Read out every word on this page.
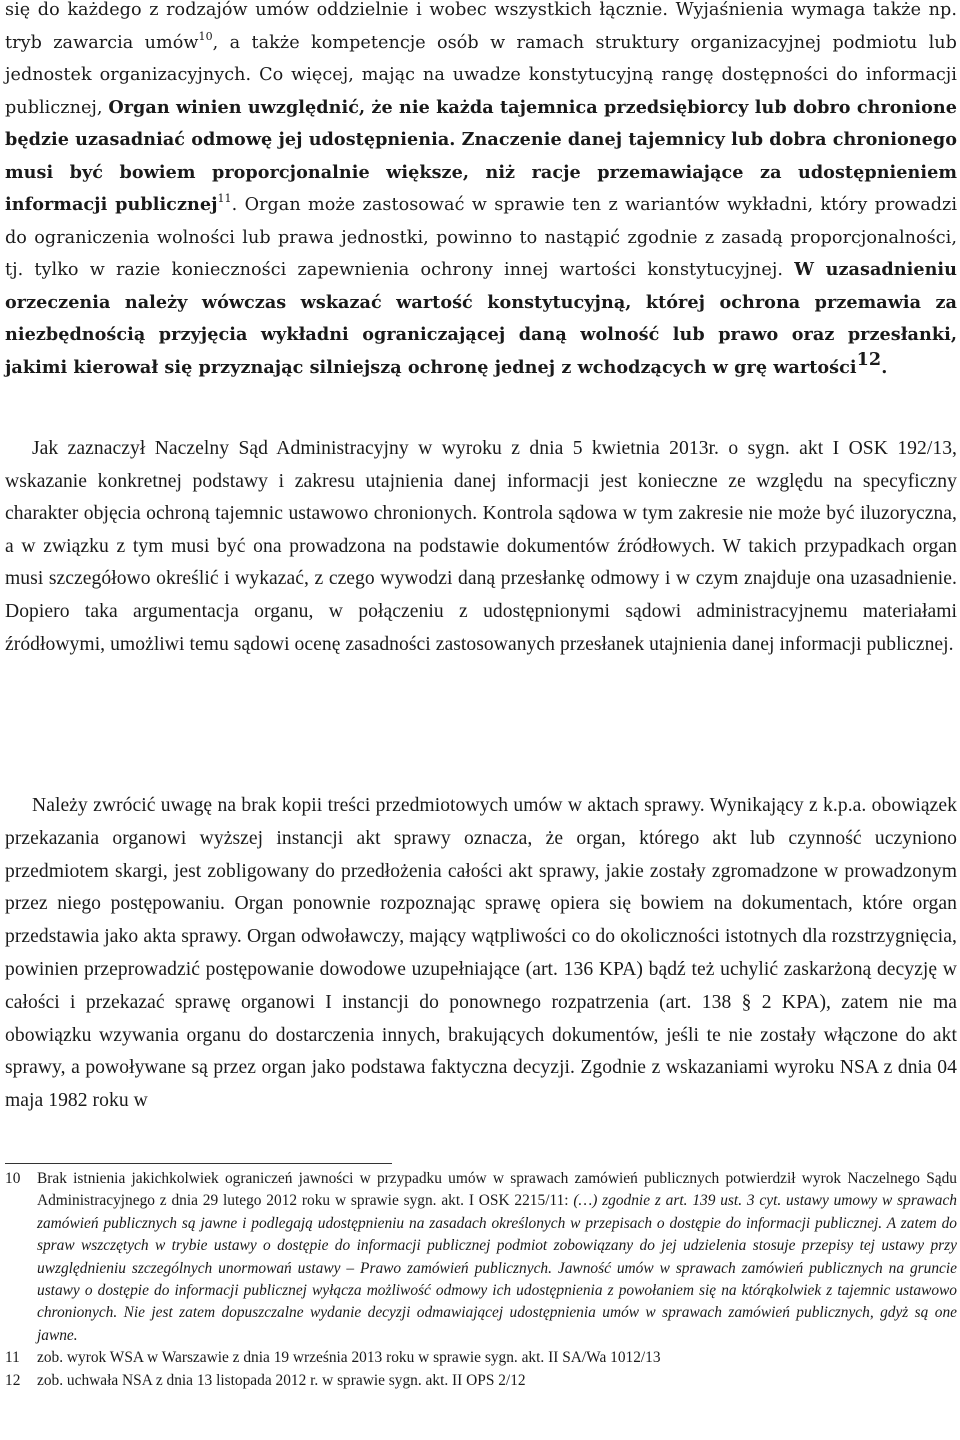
się do każdego z rodzajów umów oddzielnie i wobec wszystkich łącznie. Wyjaśnienia wymaga także np. tryb zawarcia umów$^{10}$, a także kompetencje osób w ramach struktury organizacyjnej podmiotu lub jednostek organizacyjnych. Co więcej, mając na uwadze konstytucyjną rangę dostępności do informacji publicznej, Organ winien uwzględnić, że nie każda tajemnica przedsiębiorcy lub dobro chronione będzie uzasadniać odmowę jej udostępnienia. Znaczenie danej tajemnicy lub dobra chronionego musi być bowiem proporcjonalnie większe, niż racje przemawiające za udostępnieniem informacji publicznej$^{11}$. Organ może zastosować w sprawie ten z wariantów wykładni, który prowadzi do ograniczenia wolności lub prawa jednostki, powinno to nastąpić zgodnie z zasadą proporcjonalności, tj. tylko w razie konieczności zapewnienia ochrony innej wartości konstytucyjnej. W uzasadnieniu orzeczenia należy wówczas wskazać wartość konstytucyjną, której ochrona przemawia za niezbędnością przyjęcia wykładni ograniczającej daną wolność lub prawo oraz przesłanki, jakimi kierował się przyznając silniejszą ochronę jednej z wchodzących w grę wartości$^{12}$.

Jak zaznaczył Naczelny Sąd Administracyjny w wyroku z dnia 5 kwietnia 2013r. o sygn. akt I OSK 192/13, wskazanie konkretnej podstawy i zakresu utajnienia danej informacji jest konieczne ze względu na specyficzny charakter objęcia ochroną tajemnic ustawowo chronionych. Kontrola sądowa w tym zakresie nie może być iluzoryczna, a w związku z tym musi być ona prowadzona na podstawie dokumentów źródłowych. W takich przypadkach organ musi szczegółowo określić i wykazać, z czego wywodzi daną przesłankę odmowy i w czym znajduje ona uzasadnienie. Dopiero taka argumentacja organu, w połączeniu z udostępnionymi sądowi administracyjnemu materiałami źródłowymi, umożliwi temu sądowi ocenę zasadności zastosowanych przesłanek utajnienia danej informacji publicznej.

Należy zwrócić uwagę na brak kopii treści przedmiotowych umów w aktach sprawy. Wynikający z k.p.a. obowiązek przekazania organowi wyższej instancji akt sprawy oznacza, że organ, którego akt lub czynność uczyniono przedmiotem skargi, jest zobligowany do przedłożenia całości akt sprawy, jakie zostały zgromadzone w prowadzonym przez niego postępowaniu. Organ ponownie rozpoznając sprawę opiera się bowiem na dokumentach, które organ przedstawia jako akta sprawy. Organ odwoławczy, mający wątpliwości co do okoliczności istotnych dla rozstrzygnięcia, powinien przeprowadzić postępowanie dowodowe uzupełniające (art. 136 KPA) bądź też uchylić zaskarżoną decyzję w całości i przekazać sprawę organowi I instancji do ponownego rozpatrzenia (art. 138 § 2 KPA), zatem nie ma obowiązku wzywania organu do dostarczenia innych, brakujących dokumentów, jeśli te nie zostały włączone do akt sprawy, a powoływane są przez organ jako podstawa faktyczna decyzji. Zgodnie z wskazaniami wyroku NSA z dnia 04 maja 1982 roku w

10	Brak istnienia jakichkolwiek ograniczeń jawności w przypadku umów w sprawach zamówień publicznych potwierdził wyrok Naczelnego Sądu Administracyjnego z dnia 29 lutego 2012 roku w sprawie sygn. akt. I OSK 2215/11: (…) zgodnie z art. 139 ust. 3 cyt. ustawy umowy w sprawach zamówień publicznych są jawne i podlegają udostępnieniu na zasadach określonych w przepisach o dostępie do informacji publicznej. A zatem do spraw wszczętych w trybie ustawy o dostępie do informacji publicznej podmiot zobowiązany do jej udzielenia stosuje przepisy tej ustawy przy uwzględnieniu szczególnych unormowań ustawy – Prawo zamówień publicznych. Jawność umów w sprawach zamówień publicznych na gruncie ustawy o dostępie do informacji publicznej wyłącza możliwość odmowy ich udostępnienia z powołaniem się na którąkolwiek z tajemnic ustawowo chronionych. Nie jest zatem dopuszczalne wydanie decyzji odmawiającej udostępnienia umów w sprawach zamówień publicznych, gdyż są one jawne.
11	zob. wyrok WSA w Warszawie z dnia 19 września 2013 roku w sprawie sygn. akt. II SA/Wa 1012/13
12	zob. uchwała NSA z dnia 13 listopada 2012 r. w sprawie sygn. akt. II OPS 2/12
